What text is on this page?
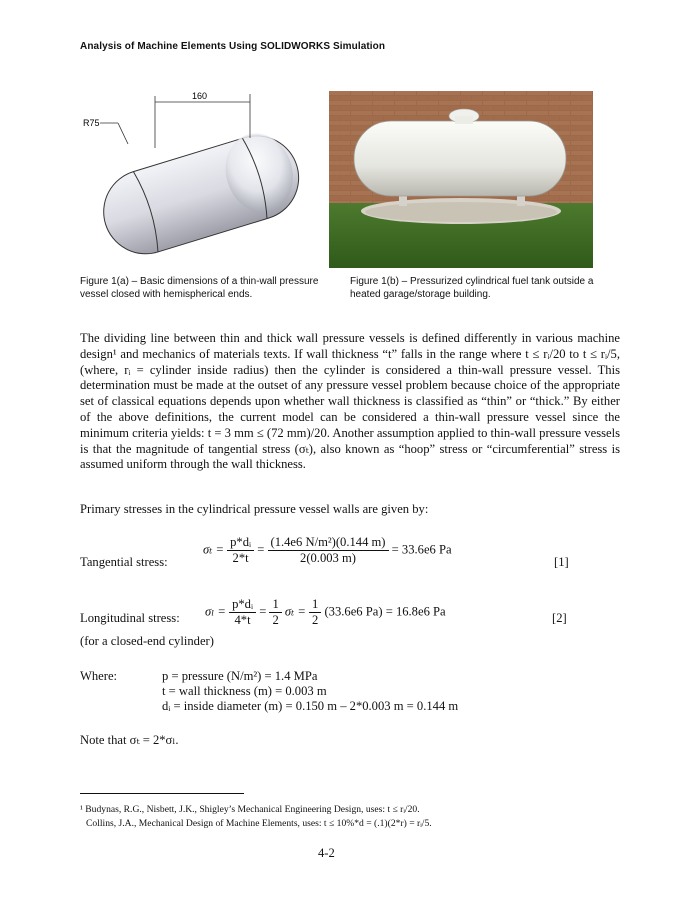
Analysis of Machine Elements Using SOLIDWORKS Simulation
160
R75
Figure 1(a) – Basic dimensions of a thin-wall pressure vessel closed with hemispherical ends.
Figure 1(b) – Pressurized cylindrical fuel tank outside a heated garage/storage building.
The dividing line between thin and thick wall pressure vessels is defined differently in various machine design¹ and mechanics of materials texts. If wall thickness “t” falls in the range where t ≤ rᵢ/20 to t ≤ rᵢ/5, (where, rᵢ = cylinder inside radius) then the cylinder is considered a thin-wall pressure vessel. This determination must be made at the outset of any pressure vessel problem because choice of the appropriate set of classical equations depends upon whether wall thickness is classified as “thin” or “thick.” By either of the above definitions, the current model can be considered a thin-wall pressure vessel since the minimum criteria yields: t = 3 mm ≤ (72 mm)/20. Another assumption applied to thin-wall pressure vessels is that the magnitude of tangential stress (σₜ), also known as “hoop” stress or “circumferential” stress is assumed uniform through the wall thickness.
Primary stresses in the cylindrical pressure vessel walls are given by:
Tangential stress:
$\sigma_t = \frac{\text{p*dᵢ}}{2*t} = \frac{\text{(1.4e6 N/m²)(0.144 m)}}{2(0.003 m)} = 33.6e6$ Pa
[1]
Longitudinal stress: $\sigma_l = \frac{\text{p*dᵢ}}{4*t} = \frac{1}{2}$ $\sigma_t = \frac{1}{2} (33.6e6$ Pa) = 16.8e6 Pa	[2]
(for a closed-end cylinder)
Where:	p = pressure (N/m²) = 1.4 MPa
t = wall thickness (m) = 0.003 m
dᵢ = inside diameter (m) = 0.150 m – 2*0.003 m = 0.144 m
Note that σₜ = 2*σₗ.
¹ Budynas, R.G., Nisbett, J.K., Shigley’s Mechanical Engineering Design, uses: t ≤ rᵢ/20.
Collins, J.A., Mechanical Design of Machine Elements, uses: t ≤ 10%*d = (.1)(2*r) = rᵢ/5.
4-2
